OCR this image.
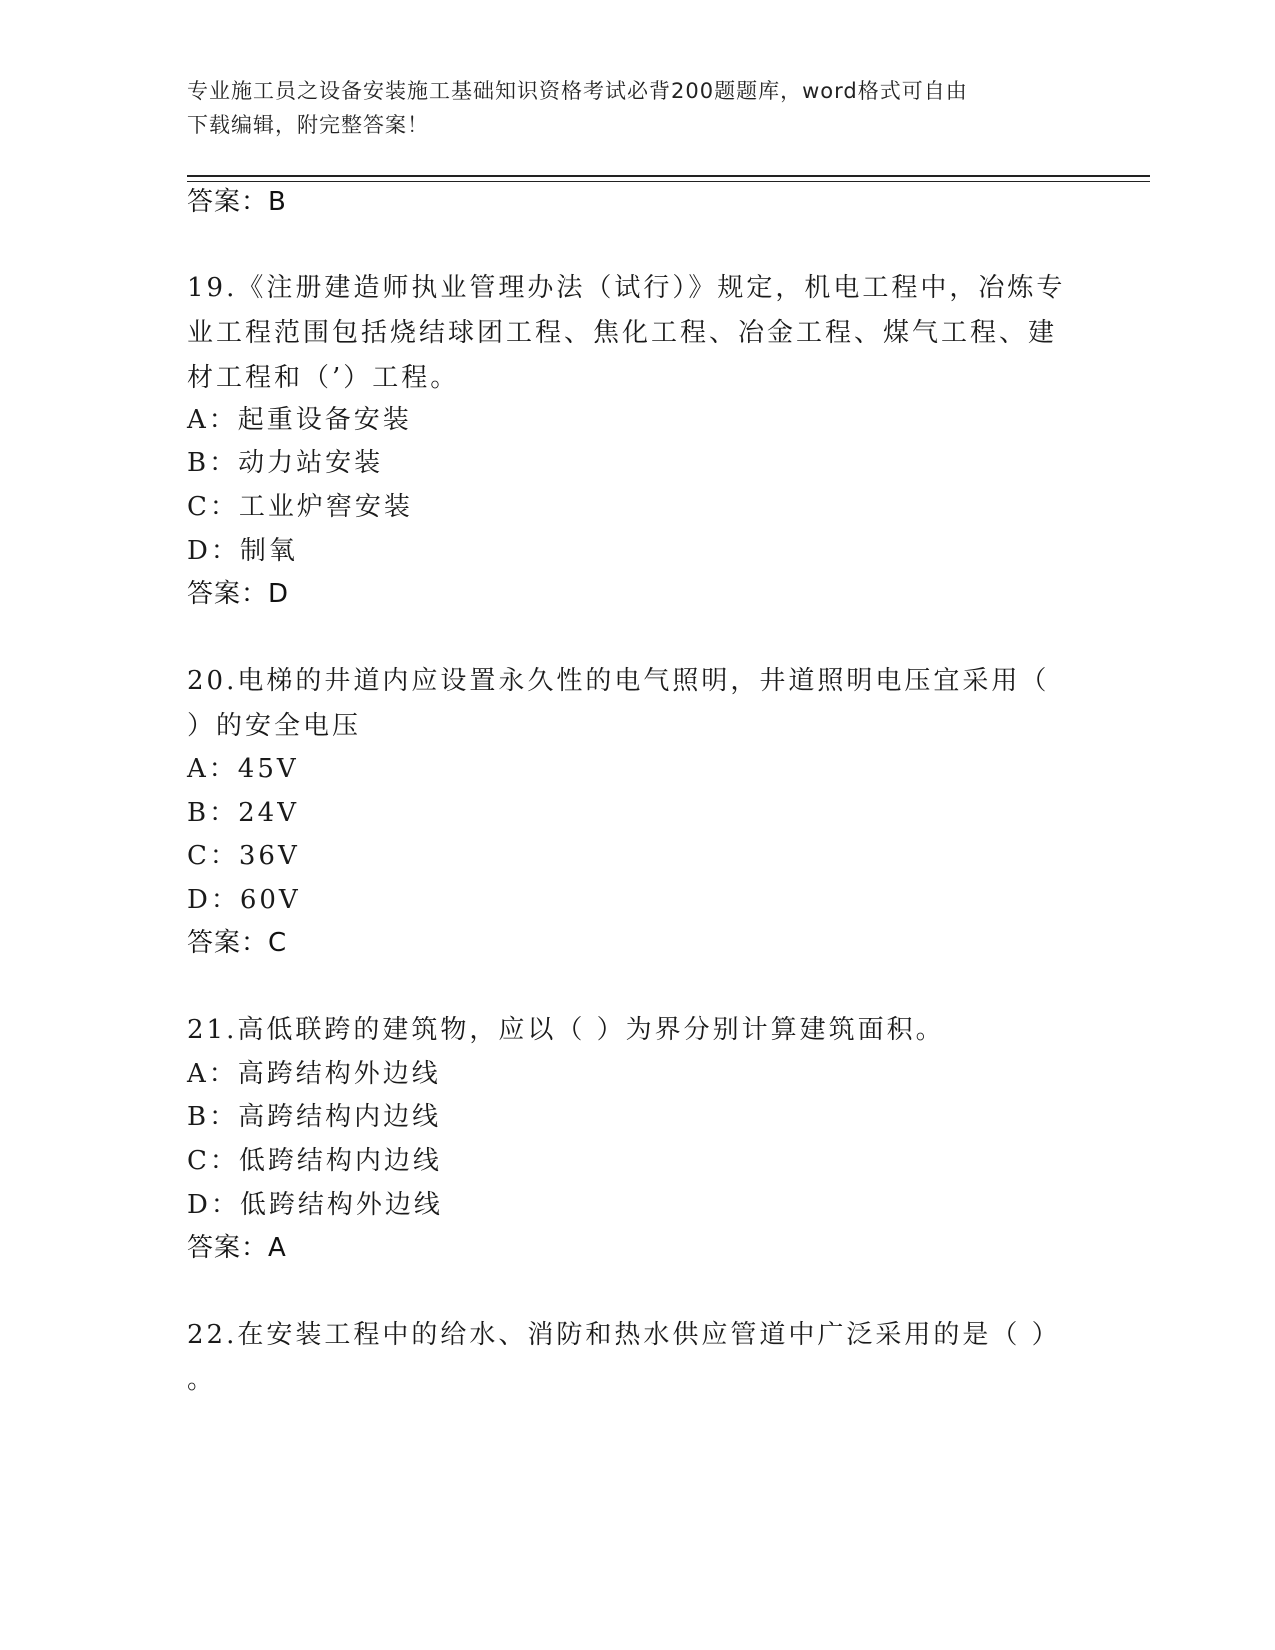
专业施工员之设备安装施工基础知识资格考试必背200题题库，word格式可自由
下载编辑，附完整答案！
答案：B
19.《注册建造师执业管理办法（试行）》规定，机电工程中，冶炼专
业工程范围包括烧结球团工程、焦化工程、冶金工程、煤气工程、建
材工程和（’）工程。
A：起重设备安装
B：动力站安装
C：工业炉窖安装
D：制氧
答案：D
20.电梯的井道内应设置永久性的电气照明，井道照明电压宜采用（
）的安全电压
A：45V
B：24V
C：36V
D：60V
答案：C
21.高低联跨的建筑物，应以（ ）为界分别计算建筑面积。
A：高跨结构外边线
B：高跨结构内边线
C：低跨结构内边线
D：低跨结构外边线
答案：A
22.在安装工程中的给水、消防和热水供应管道中广泛采用的是（ ）
。
